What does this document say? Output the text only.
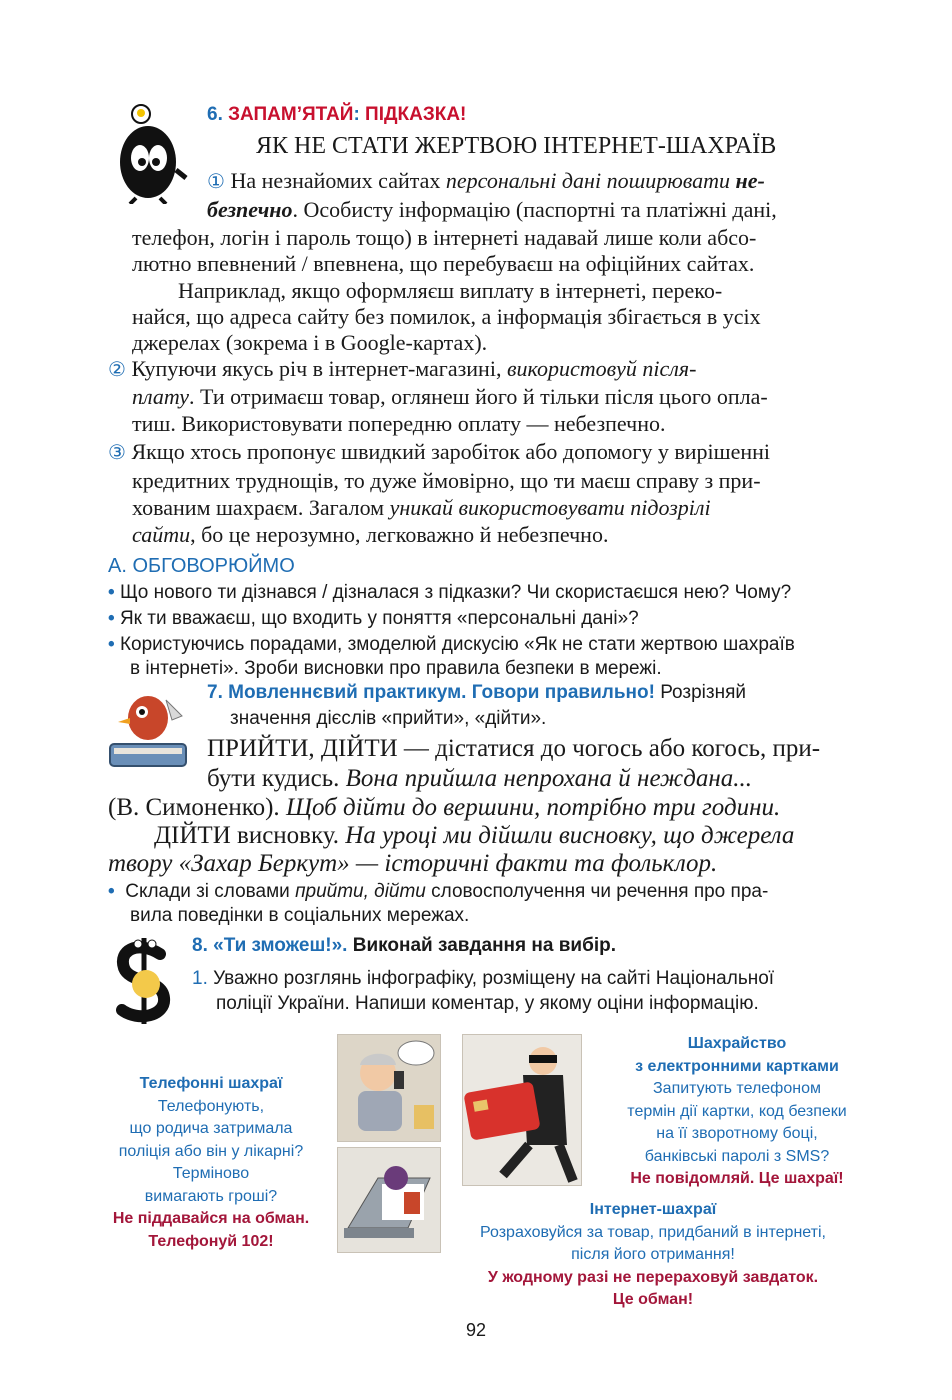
6. ЗАПАМ’ЯТАЙ: ПІДКАЗКА!
ЯК НЕ СТАТИ ЖЕРТВОЮ ІНТЕРНЕТ-ШАХРАЇВ
① На незнайомих сайтах персональні дані поширювати не-
безпечно. Особисту інформацію (паспортні та платіжні дані,
телефон, логін і пароль тощо) в інтернеті надавай лише коли абсо-
лютно впевнений / впевнена, що перебуваєш на офіційних сайтах.
Наприклад, якщо оформляєш виплату в інтернеті, переко-
найся, що адреса сайту без помилок, а інформація збігається в усіх
джерелах (зокрема і в Google-картах).
② Купуючи якусь річ в інтернет-магазині, використовуй після-
плату. Ти отримаєш товар, оглянеш його й тільки після цього опла-
тиш. Використовувати попередню оплату — небезпечно.
③ Якщо хтось пропонує швидкий заробіток або допомогу у вирішенні
кредитних труднощів, то дуже ймовірно, що ти маєш справу з при-
хованим шахраєм. Загалом уникай використовувати підозрілі
сайти, бо це нерозумно, легковажно й небезпечно.
А. ОБГОВОРЮЙМО
• Що нового ти дізнався / дізналася з підказки? Чи скористаєшся нею? Чому?
• Як ти вважаєш, що входить у поняття «персональні дані»?
• Користуючись порадами, змоделюй дискусію «Як не стати жертвою шахраїв
в інтернеті». Зроби висновки про правила безпеки в мережі.
7. Мовленнєвий практикум. Говори правильно! Розрізняй
значення дієслів «прийти», «дійти».
ПРИЙТИ, ДІЙТИ — дістатися до чогось або когось, при-
бути кудись. Вона прийшла непрохана й нежданa...
(В. Симоненко). Щоб дійти до вершини, потрібно три години.
ДІЙТИ висновку. На уроці ми дійшли висновку, що джерела
твору «Захар Беркут» — історичні факти та фольклор.
• Склади зі словами прийти, дійти словосполучення чи речення про пра-
вила поведінки в соціальних мережах.
8. «Ти зможеш!». Виконай завдання на вибір.
1. Уважно розглянь інфографіку, розміщену на сайті Національної
поліції України. Напиши коментар, у якому оціни інформацію.
Телефонні шахраї
Телефонують,
що родича затримала
поліція або він у лікарні?
Терміново
вимагають гроші?
Не піддавайся на обман.
Телефонуй 102!
Шахрайство
з електронними картками
Запитують телефоном
термін дії картки, код безпеки
на її зворотному боці,
банківські паролі з SMS?
Не повідомляй. Це шахраї!
Інтернет-шахраї
Розраховуйся за товар, придбаний в інтернеті,
після його отримання!
У жодному разі не перераховуй завдаток.
Це обман!
92
